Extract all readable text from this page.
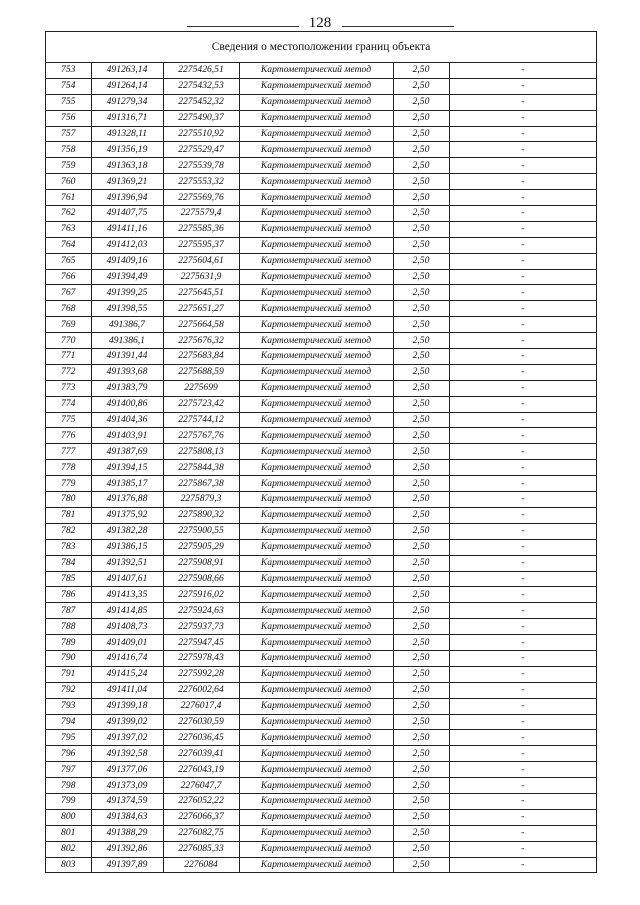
128
Сведения о местоположении границ объекта
753	491263,14	2275426,51	Картометрический метод	2,50	-
754	491264,14	2275432,53	Картометрический метод	2,50	-
755	491279,34	2275452,32	Картометрический метод	2,50	-
756	491316,71	2275490,37	Картометрический метод	2,50	-
757	491328,11	2275510,92	Картометрический метод	2,50	-
758	491356,19	2275529,47	Картометрический метод	2,50	-
759	491363,18	2275539,78	Картометрический метод	2,50	-
760	491369,21	2275553,32	Картометрический метод	2,50	-
761	491396,94	2275569,76	Картометрический метод	2,50	-
762	491407,75	2275579,4	Картометрический метод	2,50	-
763	491411,16	2275585,36	Картометрический метод	2,50	-
764	491412,03	2275595,37	Картометрический метод	2,50	-
765	491409,16	2275604,61	Картометрический метод	2,50	-
766	491394,49	2275631,9	Картометрический метод	2,50	-
767	491399,25	2275645,51	Картометрический метод	2,50	-
768	491398,55	2275651,27	Картометрический метод	2,50	-
769	491386,7	2275664,58	Картометрический метод	2,50	-
770	491386,1	2275676,32	Картометрический метод	2,50	-
771	491391,44	2275683,84	Картометрический метод	2,50	-
772	491393,68	2275688,59	Картометрический метод	2,50	-
773	491383,79	2275699	Картометрический метод	2,50	-
774	491400,86	2275723,42	Картометрический метод	2,50	-
775	491404,36	2275744,12	Картометрический метод	2,50	-
776	491403,91	2275767,76	Картометрический метод	2,50	-
777	491387,69	2275808,13	Картометрический метод	2,50	-
778	491394,15	2275844,38	Картометрический метод	2,50	-
779	491385,17	2275867,38	Картометрический метод	2,50	-
780	491376,88	2275879,3	Картометрический метод	2,50	-
781	491375,92	2275890,32	Картометрический метод	2,50	-
782	491382,28	2275900,55	Картометрический метод	2,50	-
783	491386,15	2275905,29	Картометрический метод	2,50	-
784	491392,51	2275908,91	Картометрический метод	2,50	-
785	491407,61	2275908,66	Картометрический метод	2,50	-
786	491413,35	2275916,02	Картометрический метод	2,50	-
787	491414,85	2275924,63	Картометрический метод	2,50	-
788	491408,73	2275937,73	Картометрический метод	2,50	-
789	491409,01	2275947,45	Картометрический метод	2,50	-
790	491416,74	2275978,43	Картометрический метод	2,50	-
791	491415,24	2275992,28	Картометрический метод	2,50	-
792	491411,04	2276002,64	Картометрический метод	2,50	-
793	491399,18	2276017,4	Картометрический метод	2,50	-
794	491399,02	2276030,59	Картометрический метод	2,50	-
795	491397,02	2276036,45	Картометрический метод	2,50	-
796	491392,58	2276039,41	Картометрический метод	2,50	-
797	491377,06	2276043,19	Картометрический метод	2,50	-
798	491373,09	2276047,7	Картометрический метод	2,50	-
799	491374,59	2276052,22	Картометрический метод	2,50	-
800	491384,63	2276066,37	Картометрический метод	2,50	-
801	491388,29	2276082,75	Картометрический метод	2,50	-
802	491392,86	2276085,33	Картометрический метод	2,50	-
803	491397,89	2276084	Картометрический метод	2,50	-
